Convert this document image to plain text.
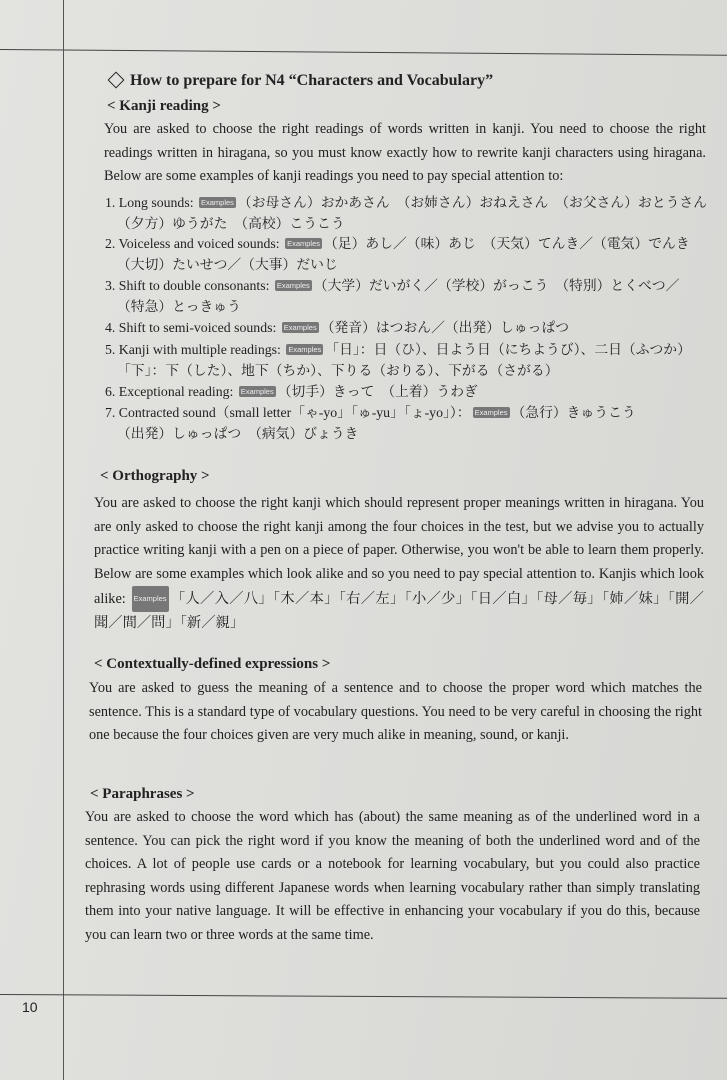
10
How to prepare for N4 “Characters and Vocabulary”
< Kanji reading >
You are asked to choose the right readings of words written in kanji. You need to choose the right readings written in hiragana, so you must know exactly how to rewrite kanji characters using hiragana. Below are some examples of kanji readings you need to pay special attention to:
1. Long sounds: Examples （お母さん）おかあさん　（お姉さん）おねえさん　（お父さん）おとうさん
（夕方）ゆうがた　（高校）こうこう
2. Voiceless and voiced sounds: Examples （足）あし／（味）あじ　（天気）てんき／（電気）でんき
（大切）たいせつ／（大事）だいじ
3. Shift to double consonants: Examples （大学）だいがく／（学校）がっこう　（特別）とくべつ／
（特急）とっきゅう
4. Shift to semi-voiced sounds: Examples （発音）はつおん／（出発）しゅっぱつ
5. Kanji with multiple readings: Examples 「日」：日（ひ）、日よう日（にちようび）、二日（ふつか）
「下」：下（した）、地下（ちか）、下りる（おりる）、下がる（さがる）
6. Exceptional reading: Examples （切手）きって　（上着）うわぎ
7. Contracted sound（small letter「ゃ-yo」「ゅ-yu」「ょ-yo」）： Examples （急行）きゅうこう
（出発）しゅっぱつ　（病気）びょうき
< Orthography >
You are asked to choose the right kanji which should represent proper meanings written in hiragana. You are only asked to choose the right kanji among the four choices in the test, but we advise you to actually practice writing kanji with a pen on a piece of paper. Otherwise, you won't be able to learn them properly. Below are some examples which look alike and so you need to pay special attention to. Kanjis which look alike: Examples 「人／入／八」「木／本」「右／左」「小／少」「日／白」「母／毎」「姉／妹」「開／聞／間／問」「新／親」
< Contextually-defined expressions >
You are asked to guess the meaning of a sentence and to choose the proper word which matches the sentence. This is a standard type of vocabulary questions. You need to be very careful in choosing the right one because the four choices given are very much alike in meaning, sound, or kanji.
< Paraphrases >
You are asked to choose the word which has (about) the same meaning as of the underlined word in a sentence. You can pick the right word if you know the meaning of both the underlined word and of the choices. A lot of people use cards or a notebook for learning vocabulary, but you could also practice rephrasing words using different Japanese words when learning vocabulary rather than simply translating them into your native language. It will be effective in enhancing your vocabulary if you do this, because you can learn two or three words at the same time.
